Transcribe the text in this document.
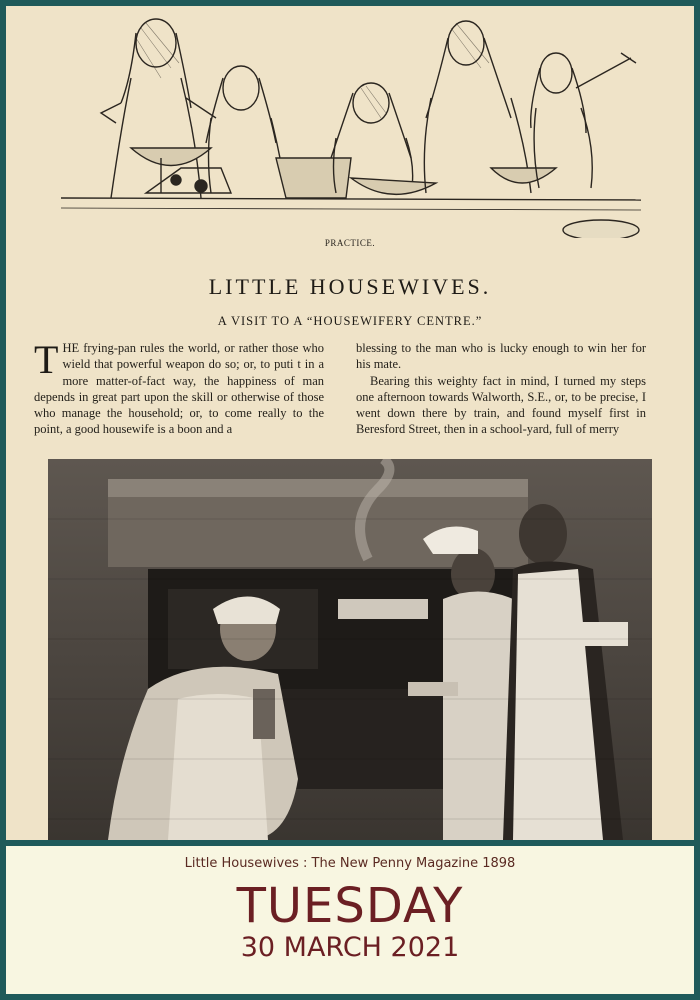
PRACTICE.
LITTLE HOUSEWIVES.
A VISIT TO A “HOUSEWIFERY CENTRE.”

THE frying-pan rules the world, or rather those who wield that powerful weapon do so; or, to puti t in a more matter-of-fact way, the happiness of man depends in great part upon the skill or otherwise of those who manage the household; or, to come really to the point, a good housewife is a boon and a

blessing to the man who is lucky enough to win her for his mate.

Bearing this weighty fact in mind, I turned my steps one afternoon towards Walworth, S.E., or, to be precise, I went down there by train, and found myself first in Beresford Street, then in a school-yard, full of merry

Little Housewives : The New Penny Magazine 1898
TUESDAY
30 MARCH 2021
